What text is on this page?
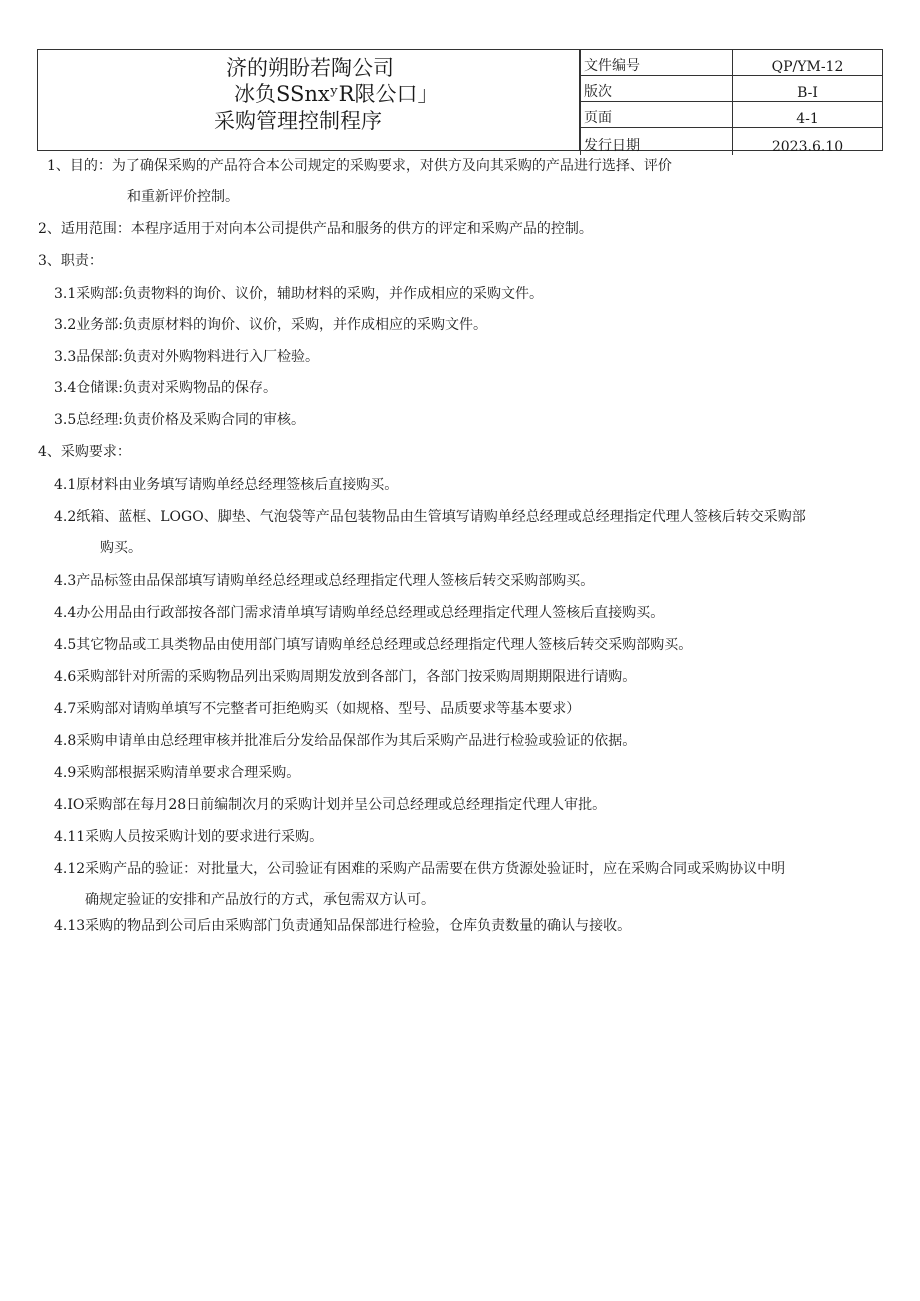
济的朔盼若陶公司
冰负SSnxʸR限公口」
采购管理控制程序
文件编号	QP/YM-12
版次	B-I
页面	4-1
发行日期	2023.6.10
1、目的：为了确保采购的产品符合本公司规定的采购要求，对供方及向其采购的产品进行选择、评价
和重新评价控制。
2、适用范围：本程序适用于对向本公司提供产品和服务的供方的评定和采购产品的控制。
3、职责：
3.1采购部:负责物料的询价、议价，辅助材料的采购，并作成相应的采购文件。
3.2业务部:负责原材料的询价、议价，采购，并作成相应的采购文件。
3.3品保部:负责对外购物料进行入厂检验。
3.4仓储课:负责对采购物品的保存。
3.5总经理:负责价格及采购合同的审核。
4、采购要求：
4.1原材料由业务填写请购单经总经理签核后直接购买。
4.2纸箱、蓝框、LOGO、脚垫、气泡袋等产品包装物品由生管填写请购单经总经理或总经理指定代理人签核后转交采购部
购买。
4.3产品标签由品保部填写请购单经总经理或总经理指定代理人签核后转交采购部购买。
4.4办公用品由行政部按各部门需求清单填写请购单经总经理或总经理指定代理人签核后直接购买。
4.5其它物品或工具类物品由使用部门填写请购单经总经理或总经理指定代理人签核后转交采购部购买。
4.6采购部针对所需的采购物品列出采购周期发放到各部门，各部门按采购周期期限进行请购。
4.7采购部对请购单填写不完整者可拒绝购买（如规格、型号、品质要求等基本要求）
4.8采购申请单由总经理审核并批准后分发给品保部作为其后采购产品进行检验或验证的依据。
4.9采购部根据采购清单要求合理采购。
4.IO采购部在每月28日前编制次月的采购计划并呈公司总经理或总经理指定代理人审批。
4.11采购人员按采购计划的要求进行采购。
4.12采购产品的验证：对批量大，公司验证有困难的采购产品需要在供方货源处验证时，应在采购合同或采购协议中明
确规定验证的安排和产品放行的方式，承包需双方认可。
4.13采购的物品到公司后由采购部门负责通知品保部进行检验，仓库负责数量的确认与接收。
